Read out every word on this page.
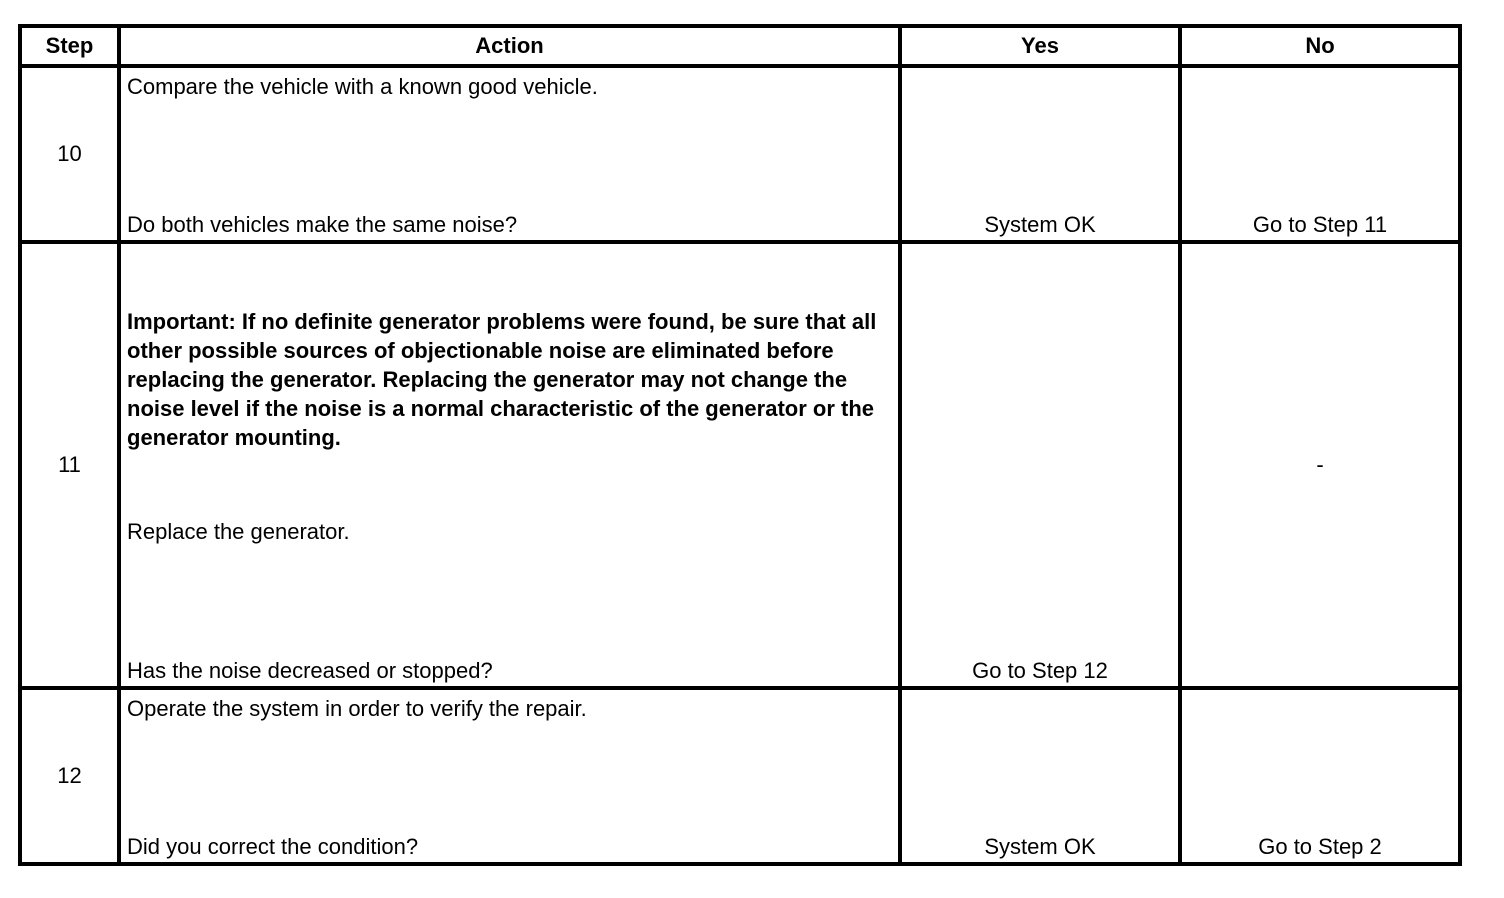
Step	Action	Yes	No
10	Compare the vehicle with a known good vehicle.
Do both vehicles make the same noise?	System OK	Go to Step 11

11	Important: If no definite generator problems were found, be sure that all other possible sources of objectionable noise are eliminated before replacing the generator. Replacing the generator may not change the noise level if the noise is a normal characteristic of the generator or the generator mounting.
Replace the generator.
Has the noise decreased or stopped?	Go to Step 12	-

12	Operate the system in order to verify the repair.
Did you correct the condition?	System OK	Go to Step 2
